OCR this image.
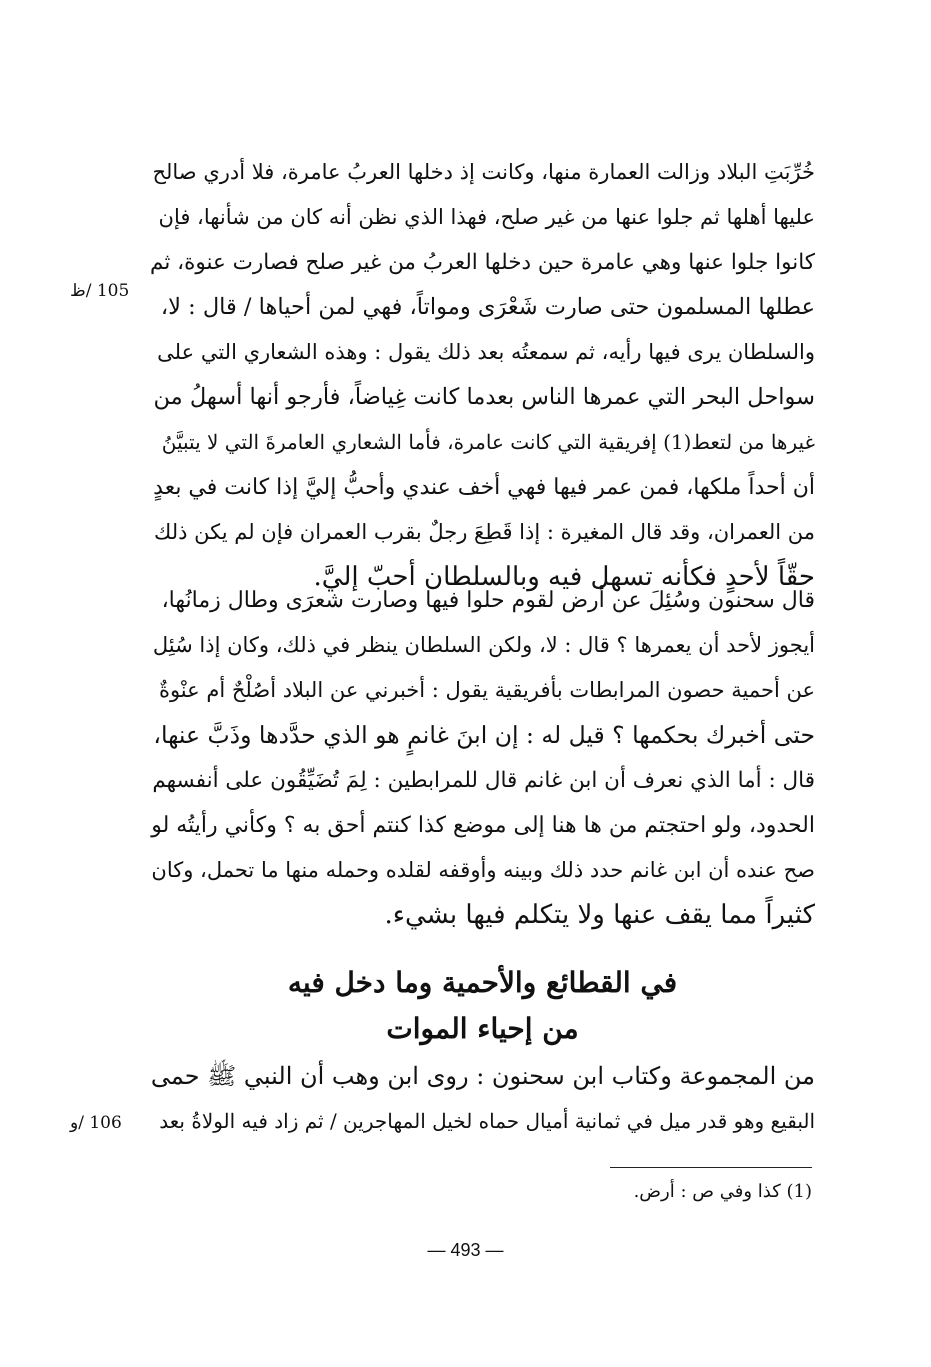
105 /ظ
خُرِّبَتِ البلاد وزالت العمارة منها، وكانت إذ دخلها العربُ عامرة، فلا أدري صالح
عليها أهلها ثم جلوا عنها من غير صلح، فهذا الذي نظن أنه كان من شأنها، فإن
كانوا جلوا عنها وهي عامرة حين دخلها العربُ من غير صلح فصارت عنوة، ثم
عطلها المسلمون حتى صارت شَعْرَى ومواتاً، فهي لمن أحياها / قال : لا،
والسلطان يرى فيها رأيه، ثم سمعتُه بعد ذلك يقول : وهذه الشعاري التي على
سواحل البحر التي عمرها الناس بعدما كانت غِياضاً، فأرجو أنها أسهلُ من
غيرها من لتعط(1) إفريقية التي كانت عامرة، فأما الشعاري العامرةَ التي لا يتبيَّنُ
أن أحداً ملكها، فمن عمر فيها فهي أخف عندي وأحبُّ إليَّ إذا كانت في بعدٍ
من العمران، وقد قال المغيرة : إذا قَطِعَ رجلٌ بقرب العمران فإن لم يكن ذلك
حقّاً لأحدٍ فكأنه تسهل فيه وبالسلطان أحبّ إليَّ.
قال سحنون وسُئِلَ عن أرض لقوم حلوا فيها وصارت شعرَى وطال زمانُها،
أيجوز لأحد أن يعمرها ؟ قال : لا، ولكن السلطان ينظر في ذلك، وكان إذا سُئِل
عن أحمية حصون المرابطات بأفريقية يقول : أخبرني عن البلاد أصُلْحٌ أم عنْوةٌ
حتى أخبرك بحكمها ؟ قيل له : إن ابنَ غانمٍ هو الذي حدَّدها وذَبَّ عنها،
قال : أما الذي نعرف أن ابن غانم قال للمرابطين : لِمَ تُضَيِّقُون على أنفسهم
الحدود، ولو احتجتم من ها هنا إلى موضع كذا كنتم أحق به ؟ وكأني رأيتُه لو
صح عنده أن ابن غانم حدد ذلك وبينه وأوقفه لقلده وحمله منها ما تحمل، وكان
كثيراً مما يقف عنها ولا يتكلم فيها بشيء.
في القطائع والأحمية وما دخل فيه
من إحياء الموات
من المجموعة وكتاب ابن سحنون : روى ابن وهب أن النبي ﷺ حمى
البقيع وهو قدر ميل في ثمانية أميال حماه لخيل المهاجرين / ثم زاد فيه الولاةُ بعد
106 /و
(1) كذا وفي ص : أرض.
— 493 —
